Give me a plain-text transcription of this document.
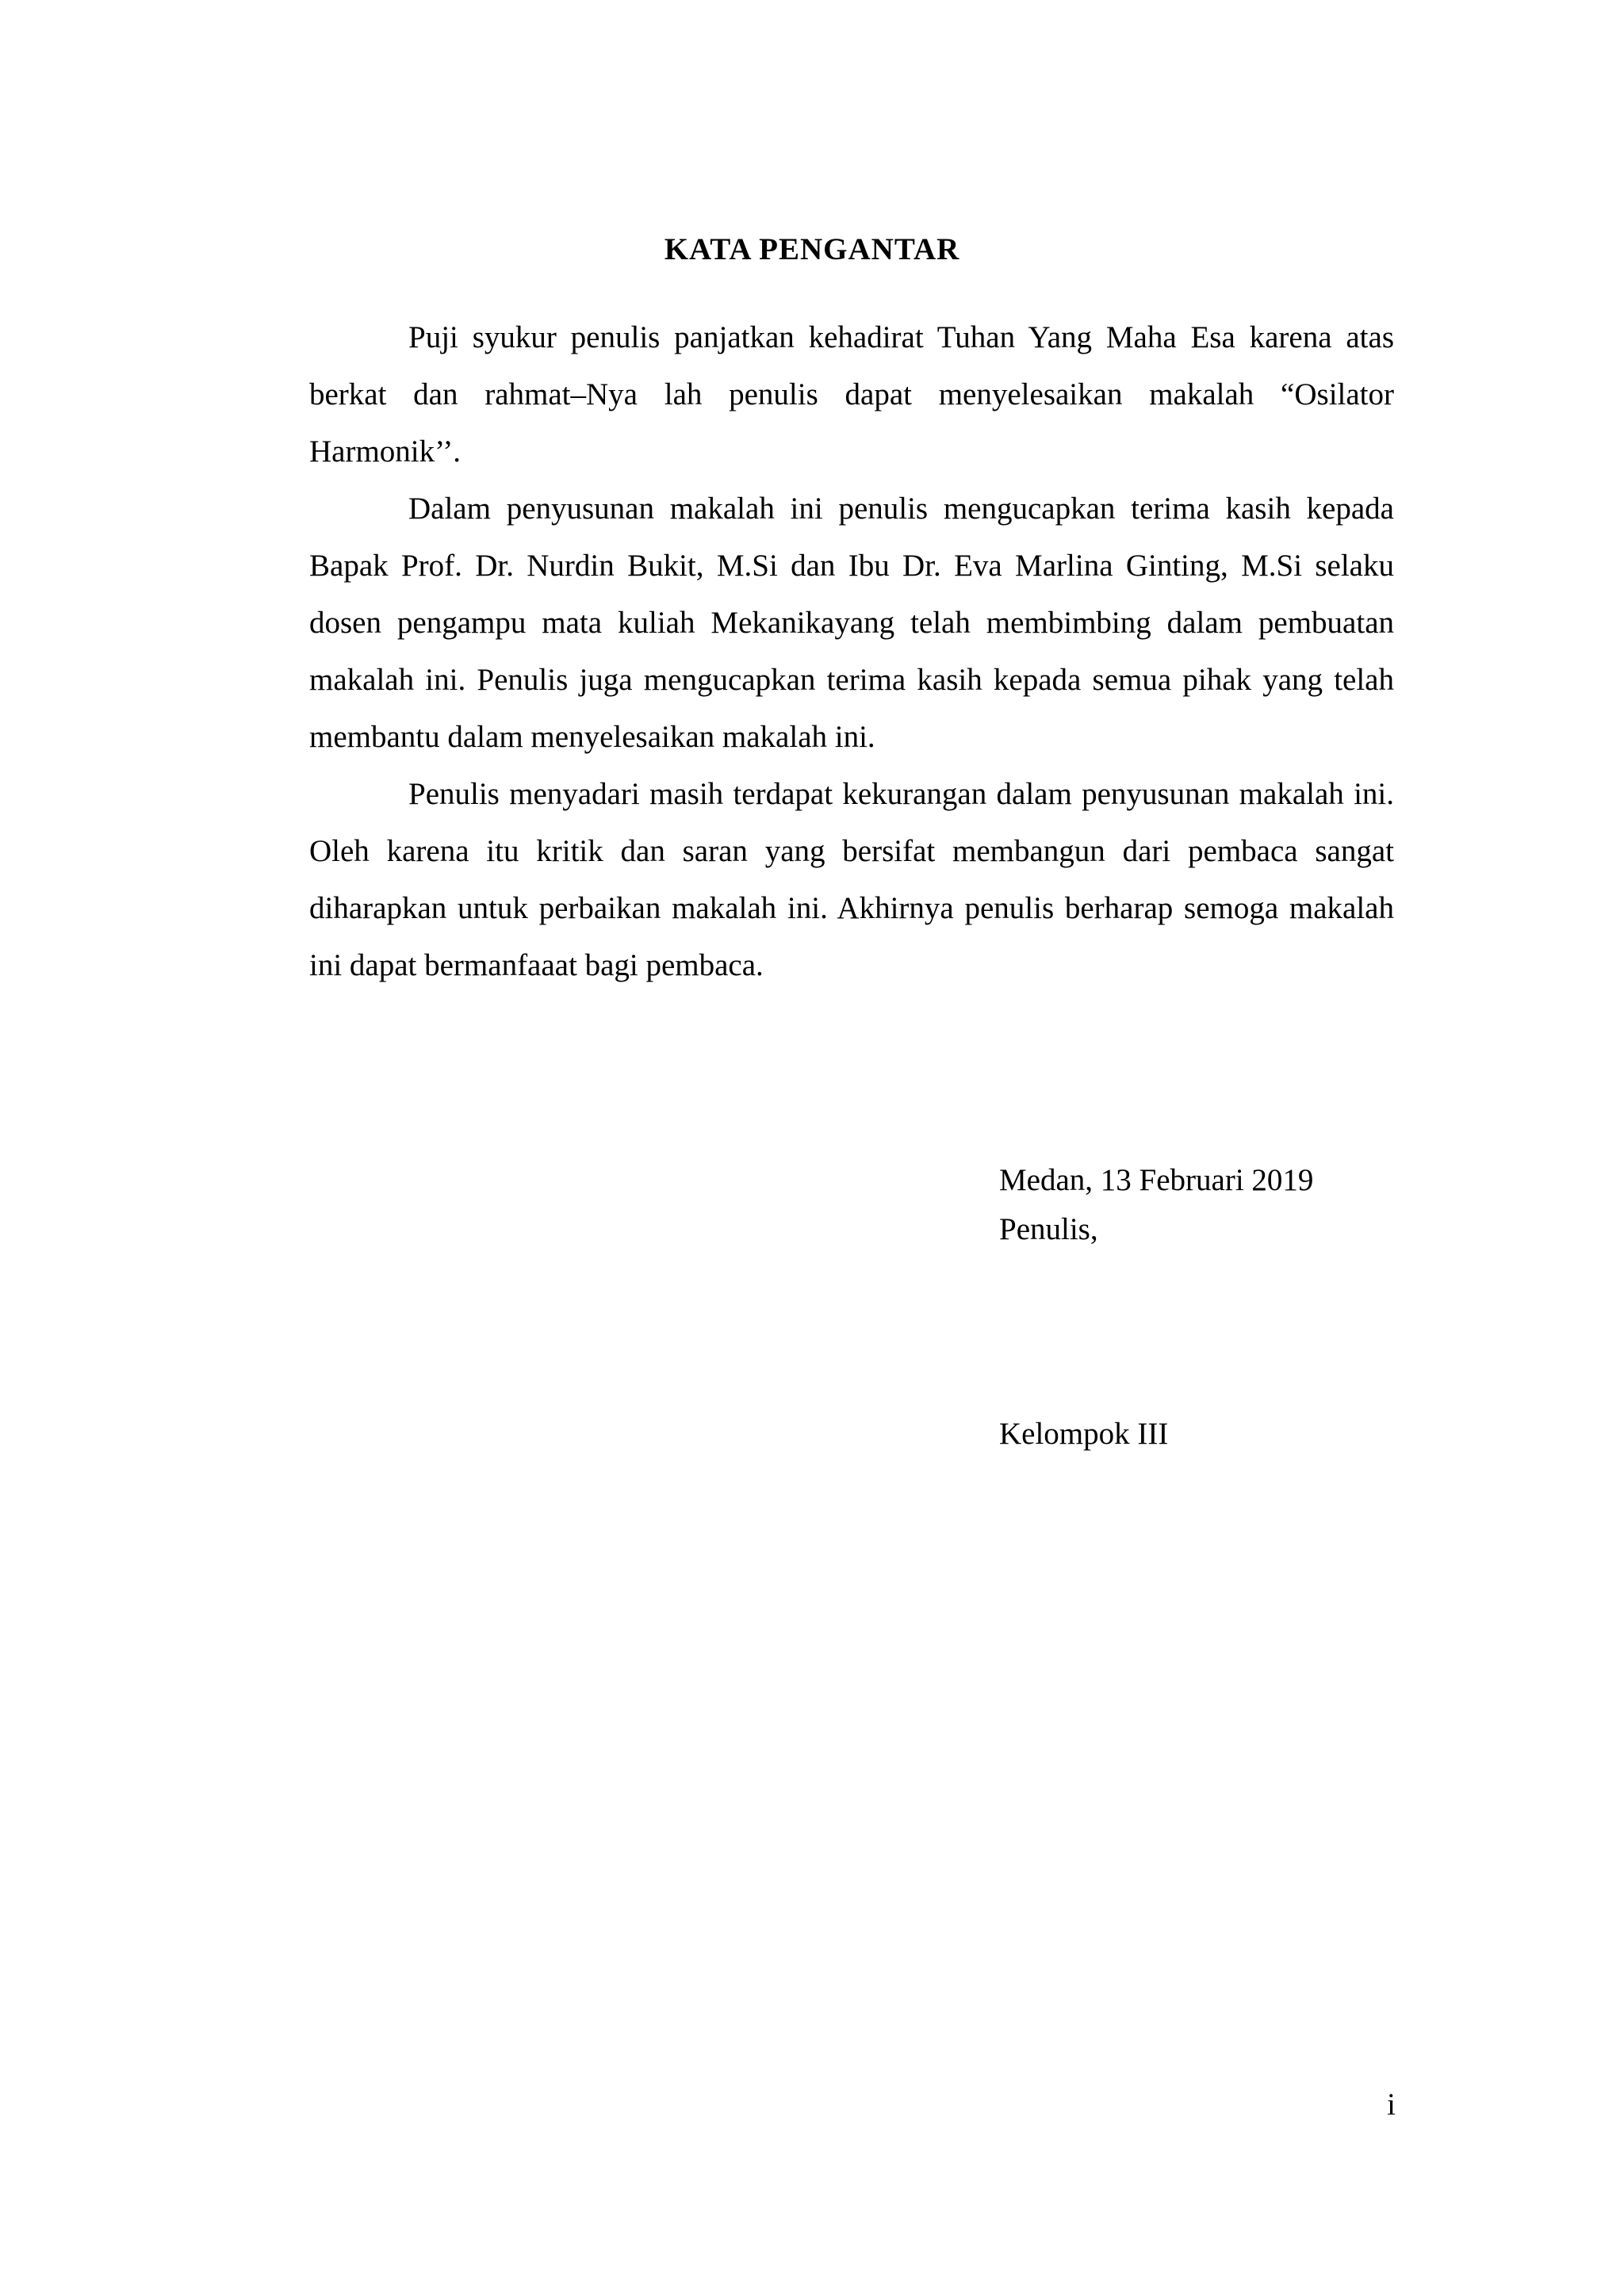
KATA PENGANTAR

Puji syukur penulis panjatkan kehadirat Tuhan Yang Maha Esa karena atas berkat dan rahmat–Nya lah penulis dapat menyelesaikan makalah “Osilator Harmonik’’.

Dalam penyusunan makalah ini penulis mengucapkan terima kasih kepada Bapak Prof. Dr. Nurdin Bukit, M.Si dan Ibu Dr. Eva Marlina Ginting, M.Si selaku dosen pengampu mata kuliah Mekanikayang telah membimbing dalam pembuatan makalah ini. Penulis juga mengucapkan terima kasih kepada semua pihak yang telah membantu dalam menyelesaikan makalah ini.

Penulis menyadari masih terdapat kekurangan dalam penyusunan makalah ini. Oleh karena itu kritik dan saran yang bersifat membangun dari pembaca sangat diharapkan untuk perbaikan makalah ini. Akhirnya penulis berharap semoga makalah ini dapat bermanfaaat bagi pembaca.

Medan, 13 Februari 2019

Penulis,

Kelompok III

i
